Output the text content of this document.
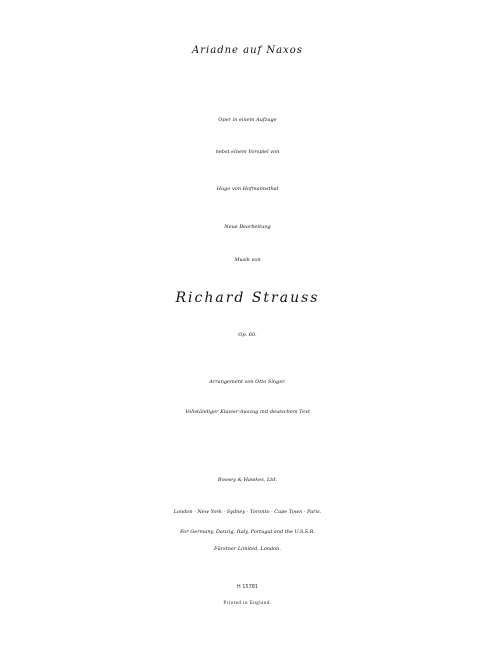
Ariadne auf Naxos
Oper in einem Aufzuge
nebst einem Vorspiel von
Hugo von Hofmannsthal
Neue Bearbeitung
Musik von
Richard Strauss
Op. 60.
Arrangement von Otto Singer.
Vollständiger Klavier-Auszug mit deutschem Text
Boosey & Hawkes, Ltd.
London · New York · Sydney · Toronto · Cape Town · Paris.
For Germany, Danzig, Italy, Portugal and the U.S.S.R.
Fürstner Limited, London.
H 15781
Printed in England.
